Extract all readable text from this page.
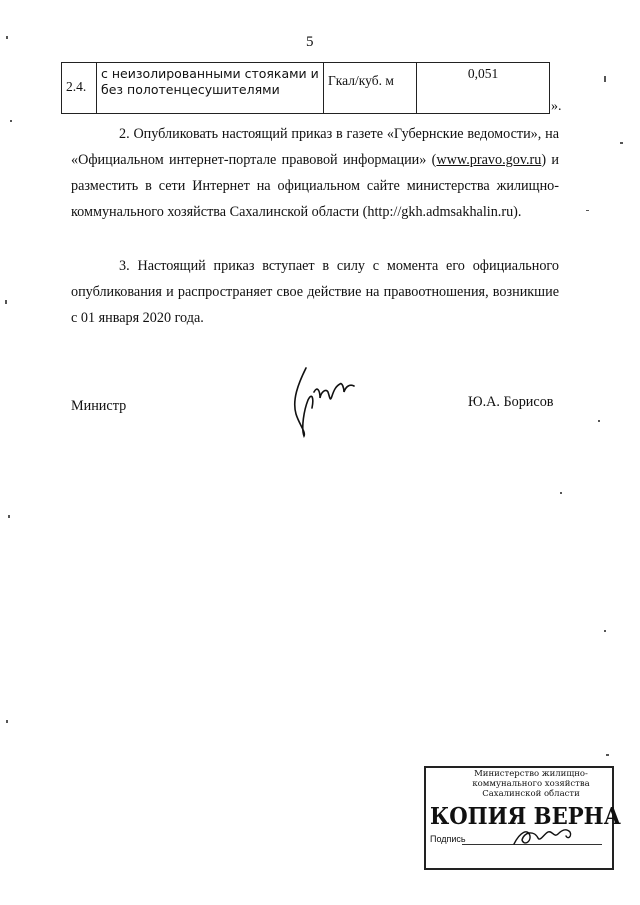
5
2.4.	с неизолированными стояками и без полотенцесушителями	Гкал/куб. м	0,051
».

2. Опубликовать настоящий приказ в газете «Губернские ведомости», на «Официальном интернет-портале правовой информации» (www.pravo.gov.ru) и разместить в сети Интернет на официальном сайте министерства жилищно-коммунального хозяйства Сахалинской области (http://gkh.admsakhalin.ru).

3. Настоящий приказ вступает в силу с момента его официального опубликования и распространяет свое действие на правоотношения, возникшие с 01 января 2020 года.

Министр	Ю.А. Борисов
Министерство жилищно-коммунального хозяйства Сахалинской области
КОПИЯ ВЕРНА
Подпись
